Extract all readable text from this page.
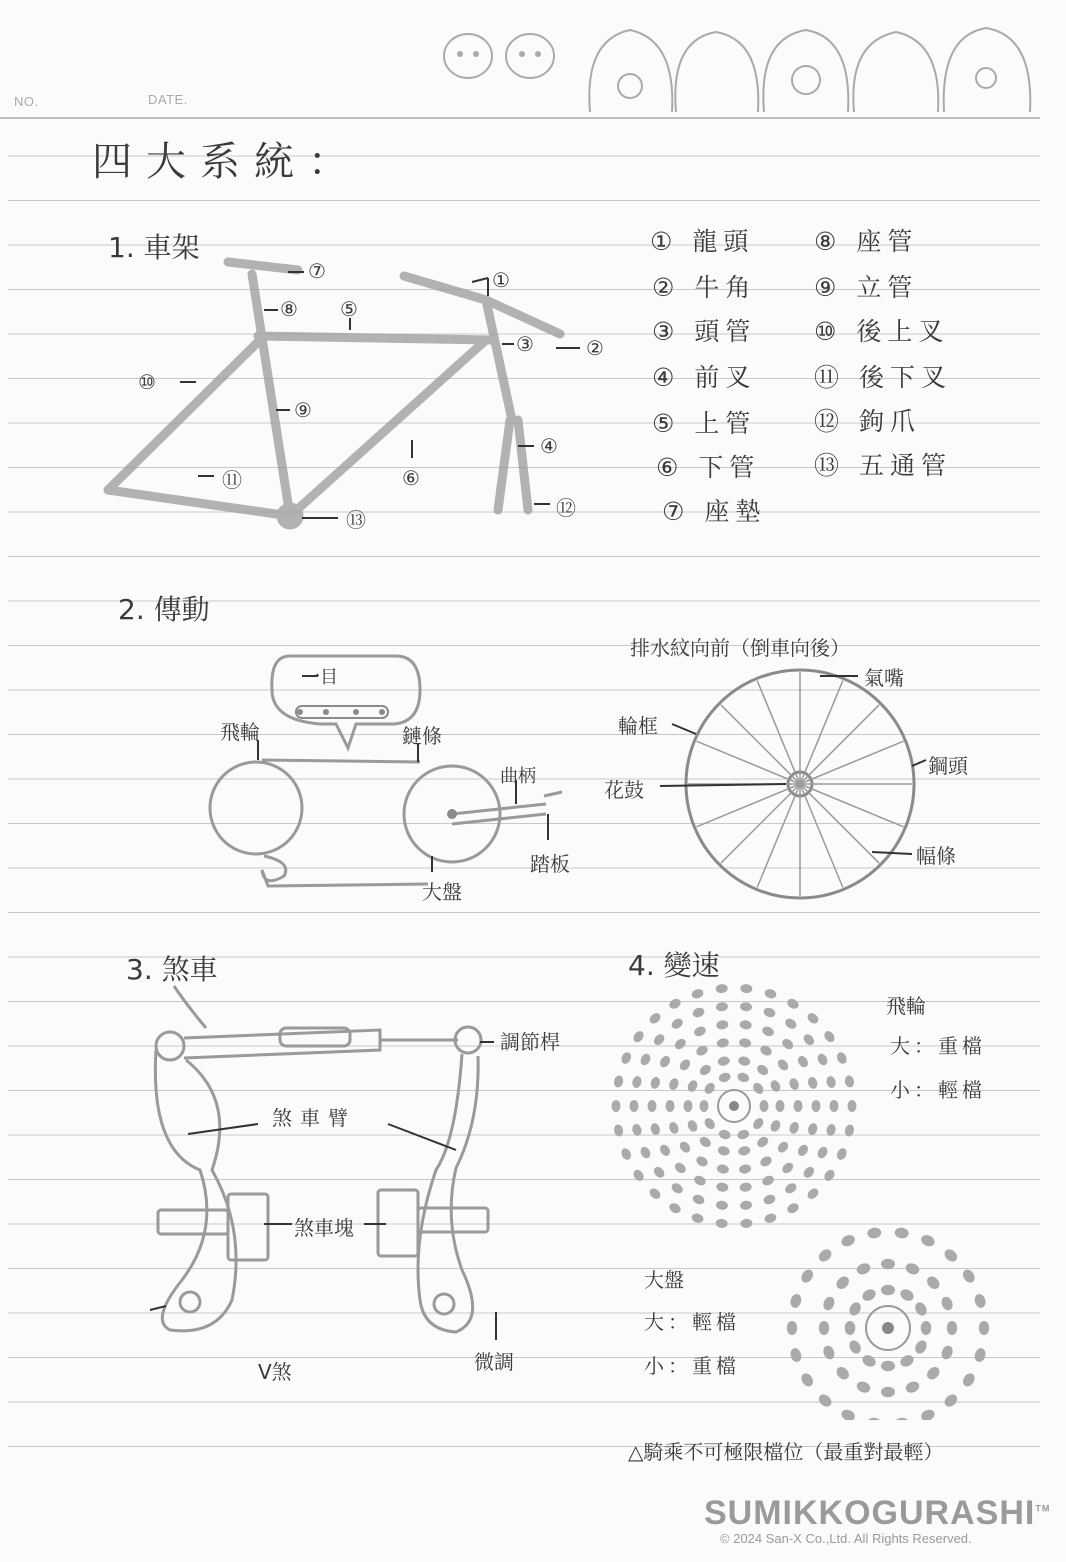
NO.	DATE.
四大系統：
1. 車架
⑦
⑧ ⑤
①
③	②
⑩
⑨
④
⑥
⑪
⑬	⑫
① 龍頭
② 牛角
③ 頭管
④ 前叉
⑤ 上管
⑥ 下管
⑦ 座墊
⑧ 座管
⑨ 立管
⑩ 後上叉
⑪ 後下叉
⑫ 鉤爪
⑬ 五通管
2. 傳動
一目
飛輪	鏈條
曲柄
踏板
大盤
排水紋向前（倒車向後）
氣嘴
輪框
鋼頭
花鼓
幅條
3. 煞車
調節桿
煞車臂
煞車塊
微調
V煞
4. 變速
飛輪
大：重檔
小：輕檔
大盤
大：輕檔
小：重檔
△騎乘不可極限檔位（最重對最輕）
SUMIKKOGURASHI™
© 2024 San-X Co.,Ltd. All Rights Reserved.
